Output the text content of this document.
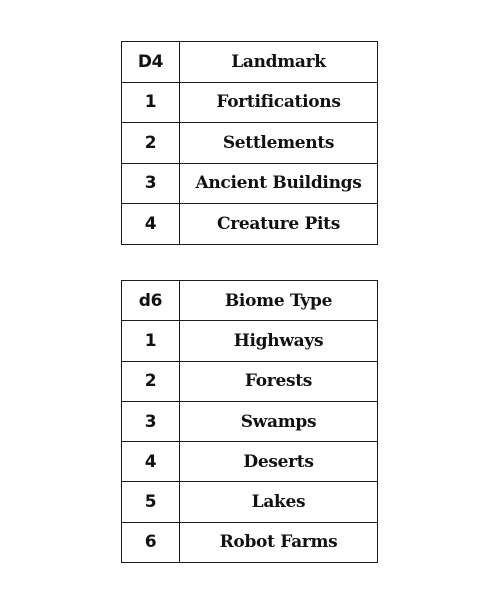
D4	Landmark
1	Fortifications
2	Settlements
3	Ancient Buildings
4	Creature Pits
d6	Biome Type
1	Highways
2	Forests
3	Swamps
4	Deserts
5	Lakes
6	Robot Farms
